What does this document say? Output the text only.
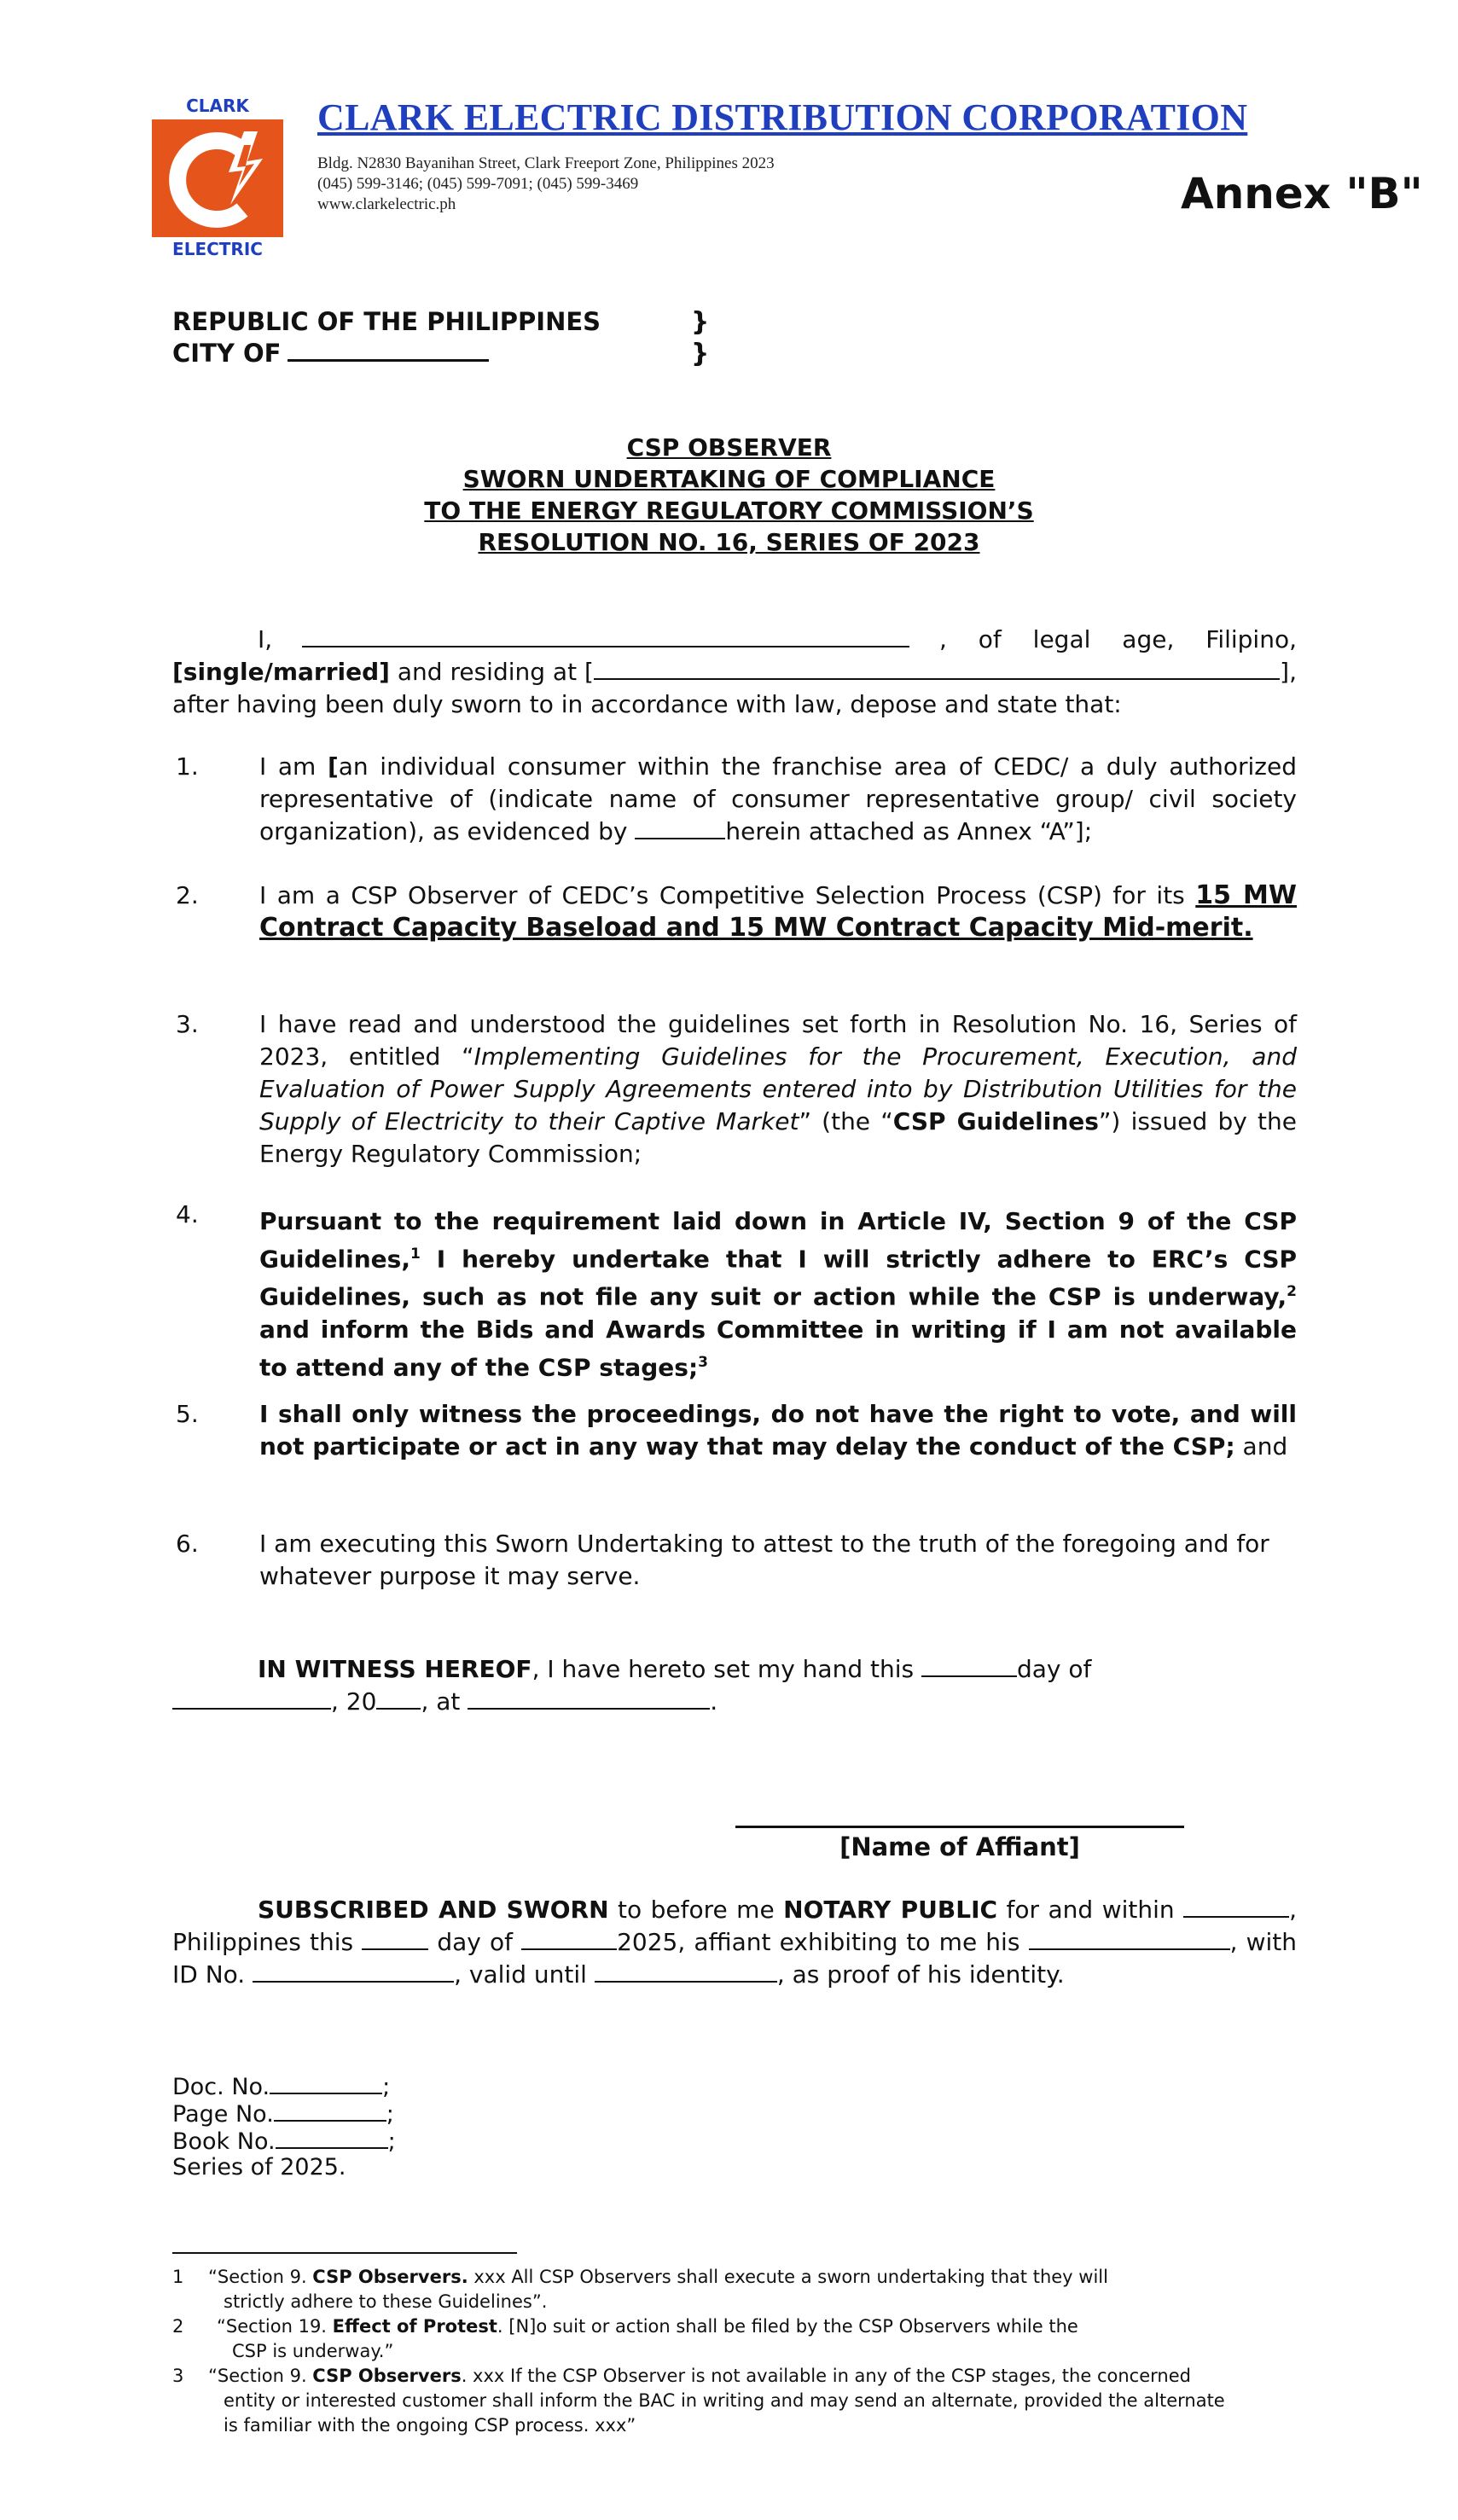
CLARK
ELECTRIC
CLARK ELECTRIC DISTRIBUTION CORPORATION
Bldg. N2830 Bayanihan Street, Clark Freeport Zone, Philippines 2023
(045) 599-3146; (045) 599-7091; (045) 599-3469
www.clarkelectric.ph	Annex "B"
REPUBLIC OF THE PHILIPPINES	}
CITY OF	}
CSP OBSERVER
SWORN UNDERTAKING OF COMPLIANCE
TO THE ENERGY REGULATORY COMMISSION’S
RESOLUTION NO. 16, SERIES OF 2023
I,	, of legal age, Filipino,
[single/married] and residing at [	],
after having been duly sworn to in accordance with law, depose and state that:
1.	I am [an individual consumer within the franchise area of CEDC/ a duly authorized representative of (indicate name of consumer representative group/ civil society organization), as evidenced by	herein attached as Annex “A”];
2.	I am a CSP Observer of CEDC’s Competitive Selection Process (CSP) for its 15 MW Contract Capacity Baseload and 15 MW Contract Capacity Mid-merit.
3.	I have read and understood the guidelines set forth in Resolution No. 16, Series of 2023, entitled “Implementing Guidelines for the Procurement, Execution, and Evaluation of Power Supply Agreements entered into by Distribution Utilities for the Supply of Electricity to their Captive Market” (the “CSP Guidelines”) issued by the Energy Regulatory Commission;
4.	Pursuant to the requirement laid down in Article IV, Section 9 of the CSP Guidelines,$^1$ I hereby undertake that I will strictly adhere to ERC’s CSP Guidelines, such as not file any suit or action while the CSP is underway,$^2$ and inform the Bids and Awards Committee in writing if I am not available to attend any of the CSP stages;$^3$
5.	I shall only witness the proceedings, do not have the right to vote, and will not participate or act in any way that may delay the conduct of the CSP; and
6.	I am executing this Sworn Undertaking to attest to the truth of the foregoing and for whatever purpose it may serve.
IN WITNESS HEREOF, I have hereto set my hand this	day of
, 20 , at	.
[Name of Affiant]
SUBSCRIBED AND SWORN to before me NOTARY PUBLIC for and within	, Philippines this	day of	2025, affiant exhibiting to me his	, with ID No.	, valid until	, as proof of his identity.
Doc. No.	;
Page No.	;
Book No.	;
Series of 2025.
1	“Section 9. CSP Observers. xxx All CSP Observers shall execute a sworn undertaking that they will
strictly adhere to these Guidelines”.
2	“Section 19. Effect of Protest. [N]o suit or action shall be filed by the CSP Observers while the
CSP is underway.”
3	“Section 9. CSP Observers. xxx If the CSP Observer is not available in any of the CSP stages, the concerned
entity or interested customer shall inform the BAC in writing and may send an alternate, provided the alternate
is familiar with the ongoing CSP process. xxx”
